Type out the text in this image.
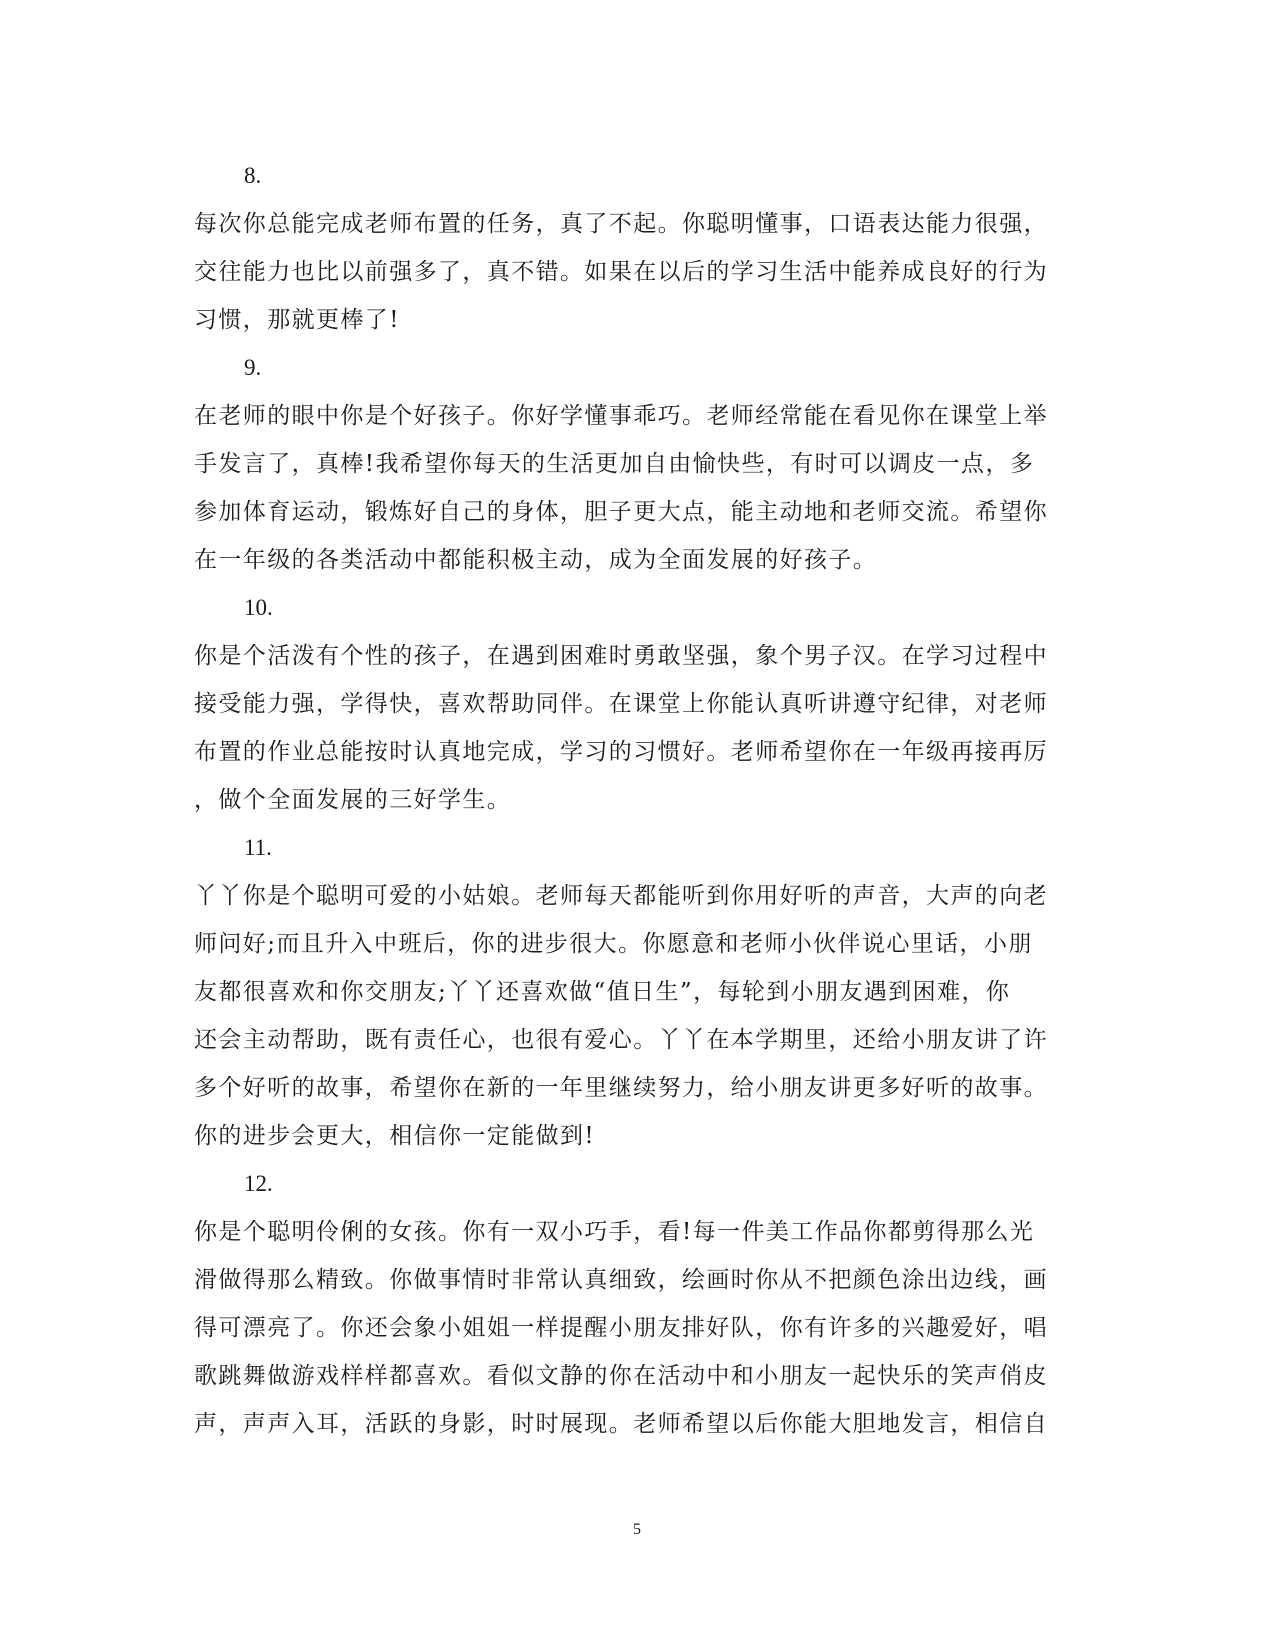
8.

每次你总能完成老师布置的任务，真了不起。你聪明懂事，口语表达能力很强，

交往能力也比以前强多了，真不错。如果在以后的学习生活中能养成良好的行为

习惯，那就更棒了!

9.

在老师的眼中你是个好孩子。你好学懂事乖巧。老师经常能在看见你在课堂上举

手发言了，真棒!我希望你每天的生活更加自由愉快些，有时可以调皮一点，多

参加体育运动，锻炼好自己的身体，胆子更大点，能主动地和老师交流。希望你

在一年级的各类活动中都能积极主动，成为全面发展的好孩子。

10.

你是个活泼有个性的孩子，在遇到困难时勇敢坚强，象个男子汉。在学习过程中

接受能力强，学得快，喜欢帮助同伴。在课堂上你能认真听讲遵守纪律，对老师

布置的作业总能按时认真地完成，学习的习惯好。老师希望你在一年级再接再厉

，做个全面发展的三好学生。

11.

丫丫你是个聪明可爱的小姑娘。老师每天都能听到你用好听的声音，大声的向老

师问好;而且升入中班后，你的进步很大。你愿意和老师小伙伴说心里话，小朋

友都很喜欢和你交朋友;丫丫还喜欢做“值日生”，每轮到小朋友遇到困难，你

还会主动帮助，既有责任心，也很有爱心。丫丫在本学期里，还给小朋友讲了许

多个好听的故事，希望你在新的一年里继续努力，给小朋友讲更多好听的故事。

你的进步会更大，相信你一定能做到!

12.

你是个聪明伶俐的女孩。你有一双小巧手，看!每一件美工作品你都剪得那么光

滑做得那么精致。你做事情时非常认真细致，绘画时你从不把颜色涂出边线，画

得可漂亮了。你还会象小姐姐一样提醒小朋友排好队，你有许多的兴趣爱好，唱

歌跳舞做游戏样样都喜欢。看似文静的你在活动中和小朋友一起快乐的笑声俏皮

声，声声入耳，活跃的身影，时时展现。老师希望以后你能大胆地发言，相信自

5
